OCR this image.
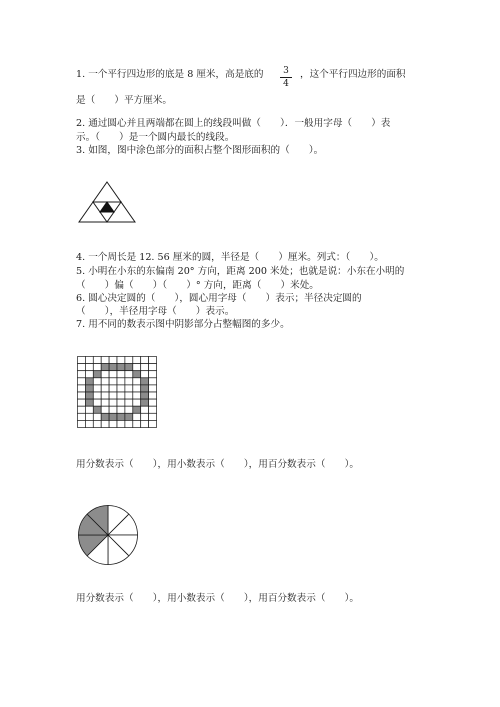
1. 一个平行四边形的底是 8 厘米，高是底的	3
4
，这个平行四边形的面积
是（　　）平方厘米。
2. 通过圆心并且两端都在圆上的线段叫做（　　）．一般用字母（　　）表
示。（　　）是一个圆内最长的线段。
3. 如图，图中涂色部分的面积占整个图形面积的（　　）。
4. 一个周长是 12. 56 厘米的圆，半径是（　　）厘米。列式：（　　）。
5. 小明在小东的东偏南 20° 方向，距离 200 米处；也就是说：小东在小明的
（　　）偏（　　）（　　）° 方向，距离（　　）米处。
6. 圆心决定圆的（　　），圆心用字母（　　）表示；半径决定圆的
（　　），半径用字母（　　）表示。
7. 用不同的数表示图中阴影部分占整幅图的多少。
用分数表示（　　），用小数表示（　　），用百分数表示（　　）。
用分数表示（　　），用小数表示（　　），用百分数表示（　　）。
